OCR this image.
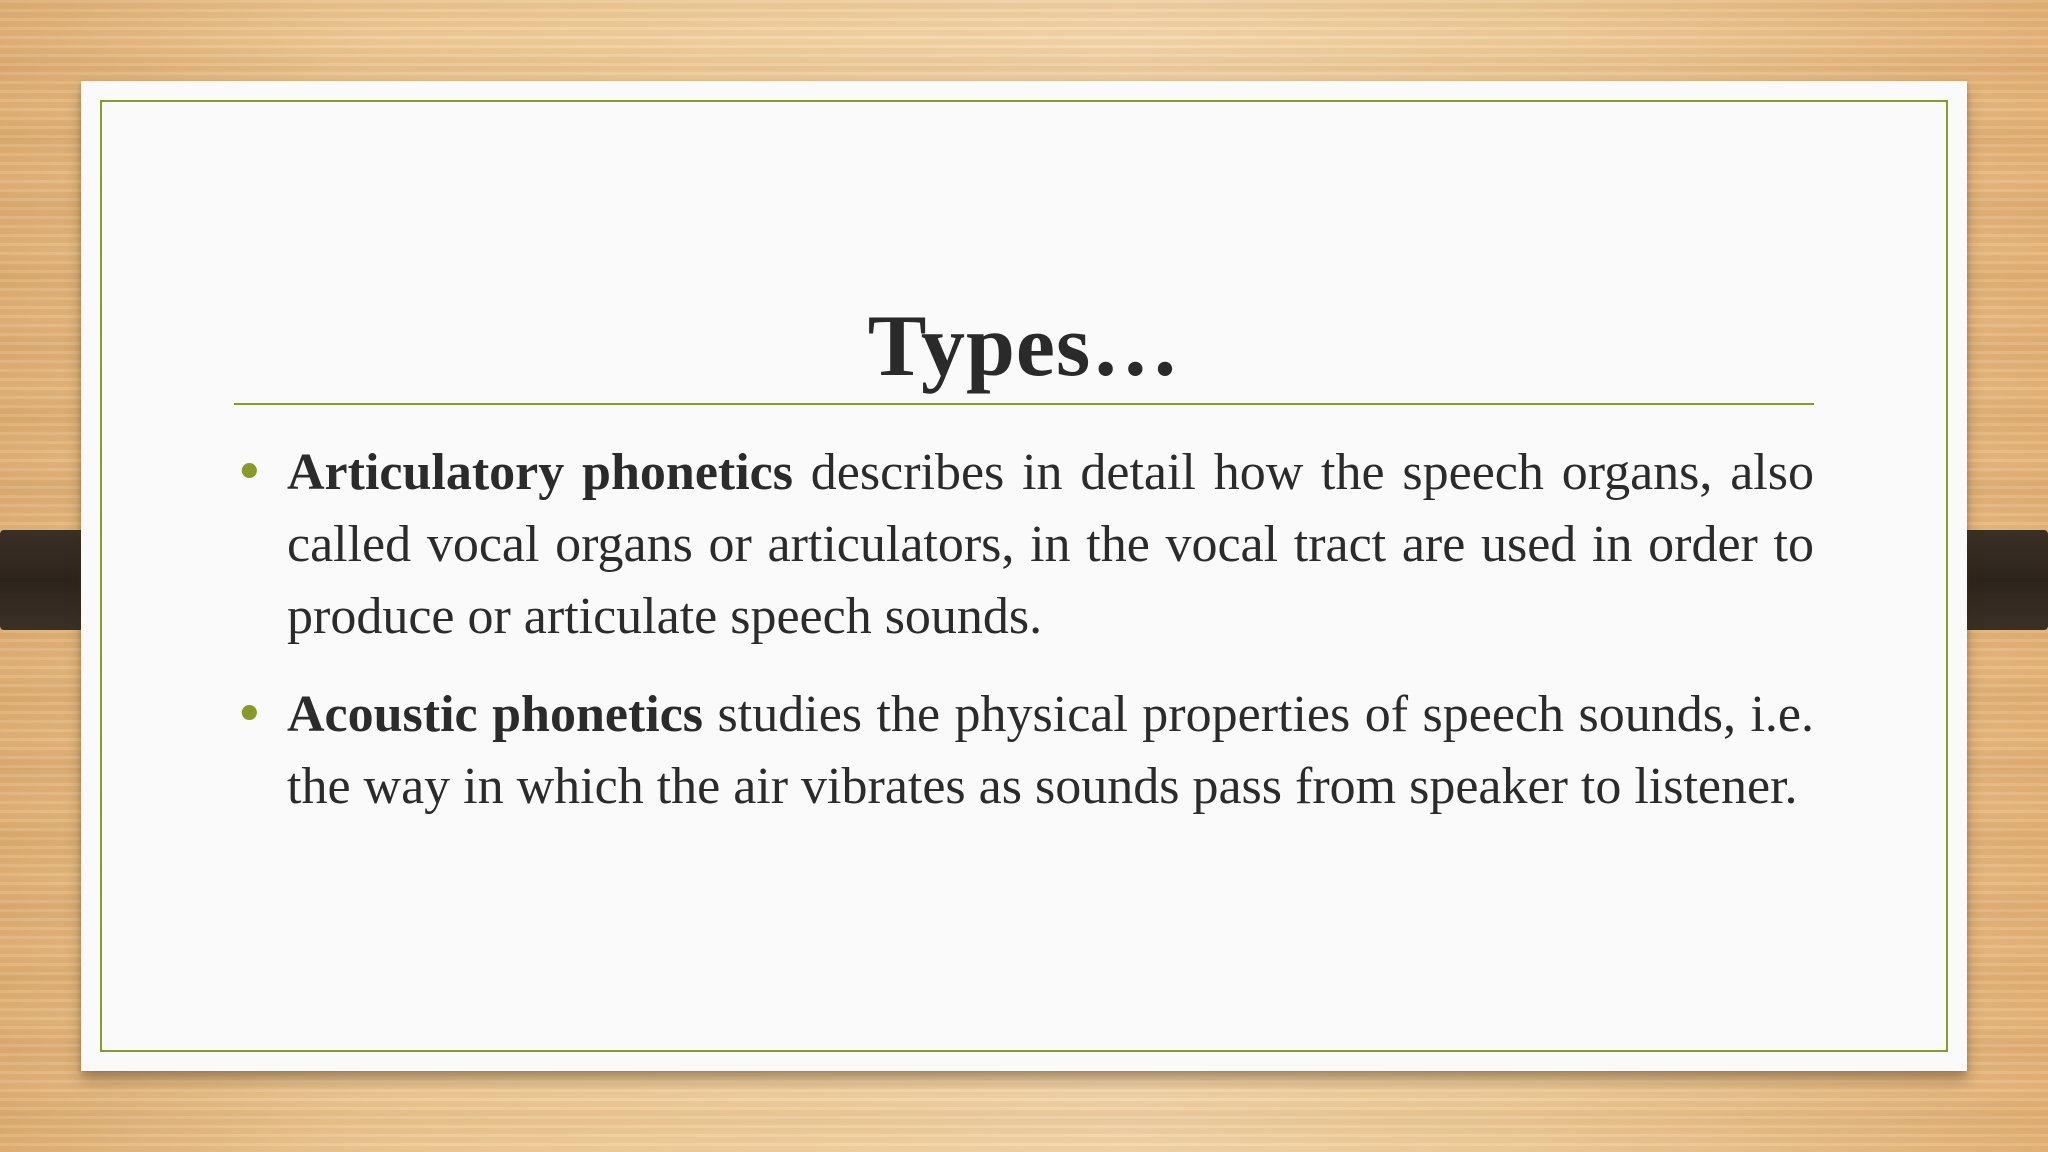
Types…
• Articulatory phonetics describes in detail how the speech organs, also called vocal organs or articulators, in the vocal tract are used in order to produce or articulate speech sounds.
• Acoustic phonetics studies the physical properties of speech sounds, i.e. the way in which the air vibrates as sounds pass from speaker to listener.
